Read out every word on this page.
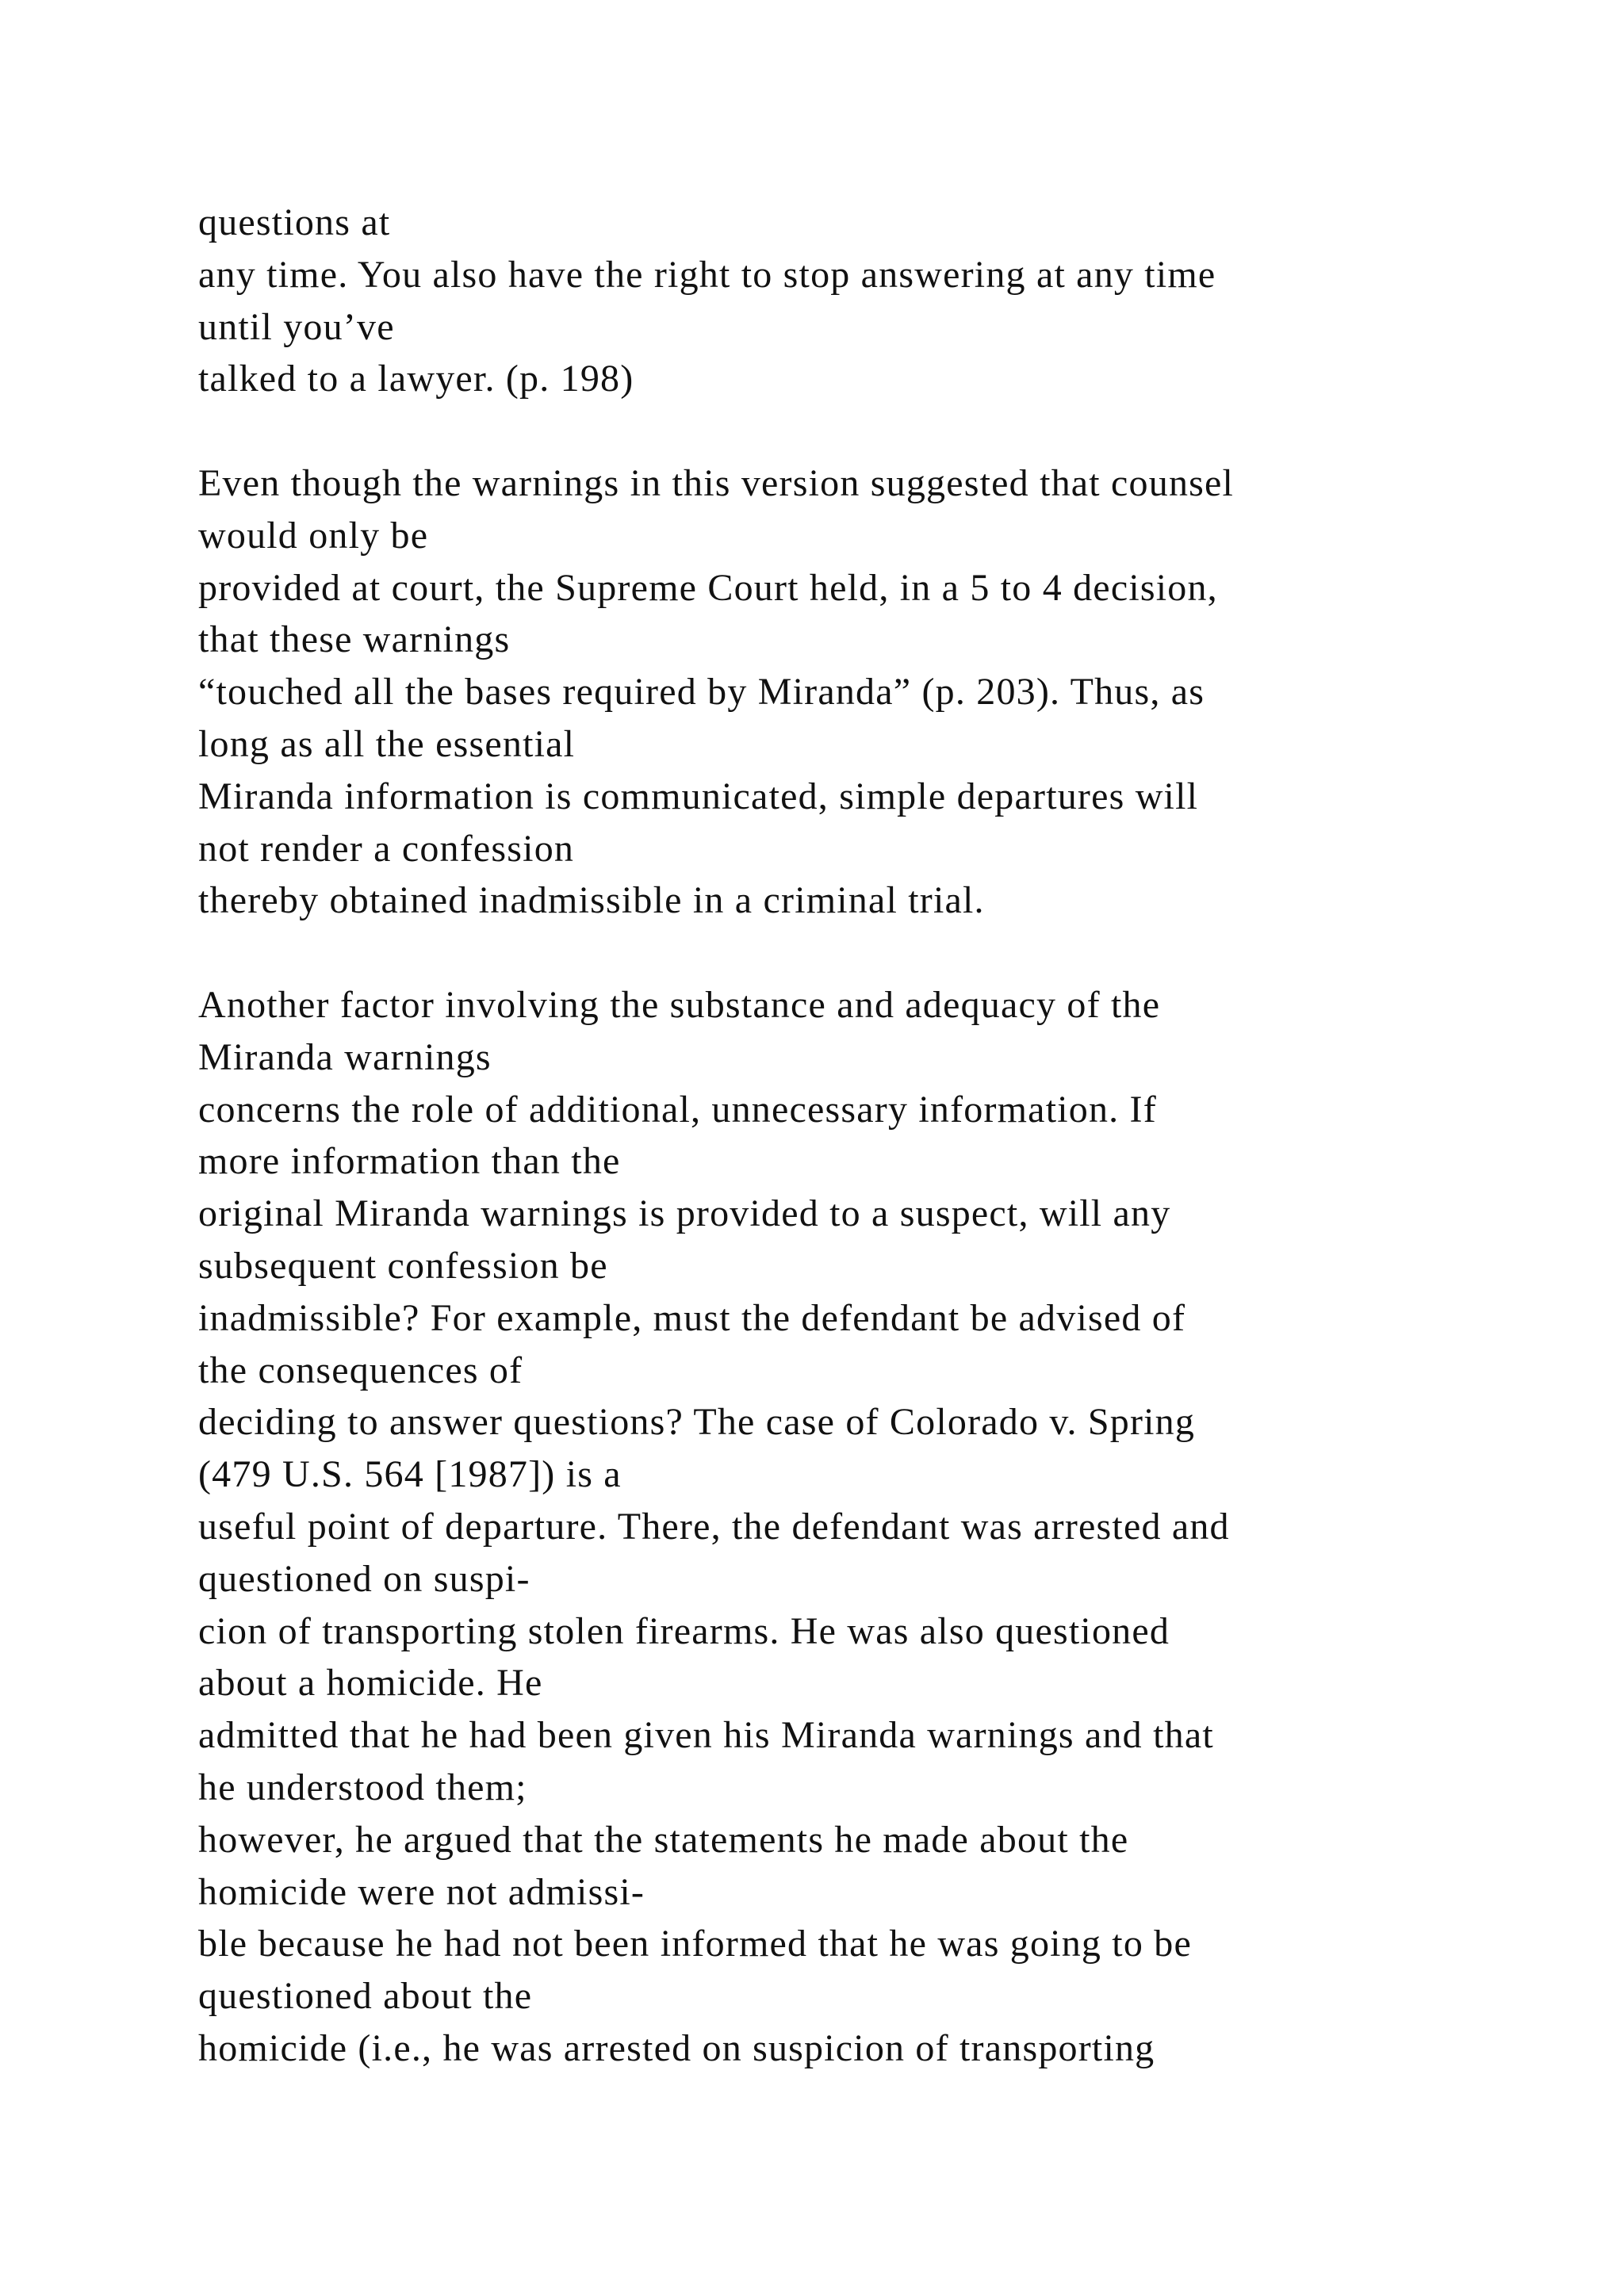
questions at
any time. You also have the right to stop answering at any time
until you’ve
talked to a lawyer. (p. 198)
Even though the warnings in this version suggested that counsel
would only be
provided at court, the Supreme Court held, in a 5 to 4 decision,
that these warnings
“touched all the bases required by Miranda” (p. 203). Thus, as
long as all the essential
Miranda information is communicated, simple departures will
not render a confession
thereby obtained inadmissible in a criminal trial.
Another factor involving the substance and adequacy of the
Miranda warnings
concerns the role of additional, unnecessary information. If
more information than the
original Miranda warnings is provided to a suspect, will any
subsequent confession be
inadmissible? For example, must the defendant be advised of
the consequences of
deciding to answer questions? The case of Colorado v. Spring
(479 U.S. 564 [1987]) is a
useful point of departure. There, the defendant was arrested and
questioned on suspi-
cion of transporting stolen firearms. He was also questioned
about a homicide. He
admitted that he had been given his Miranda warnings and that
he understood them;
however, he argued that the statements he made about the
homicide were not admissi-
ble because he had not been informed that he was going to be
questioned about the
homicide (i.e., he was arrested on suspicion of transporting
